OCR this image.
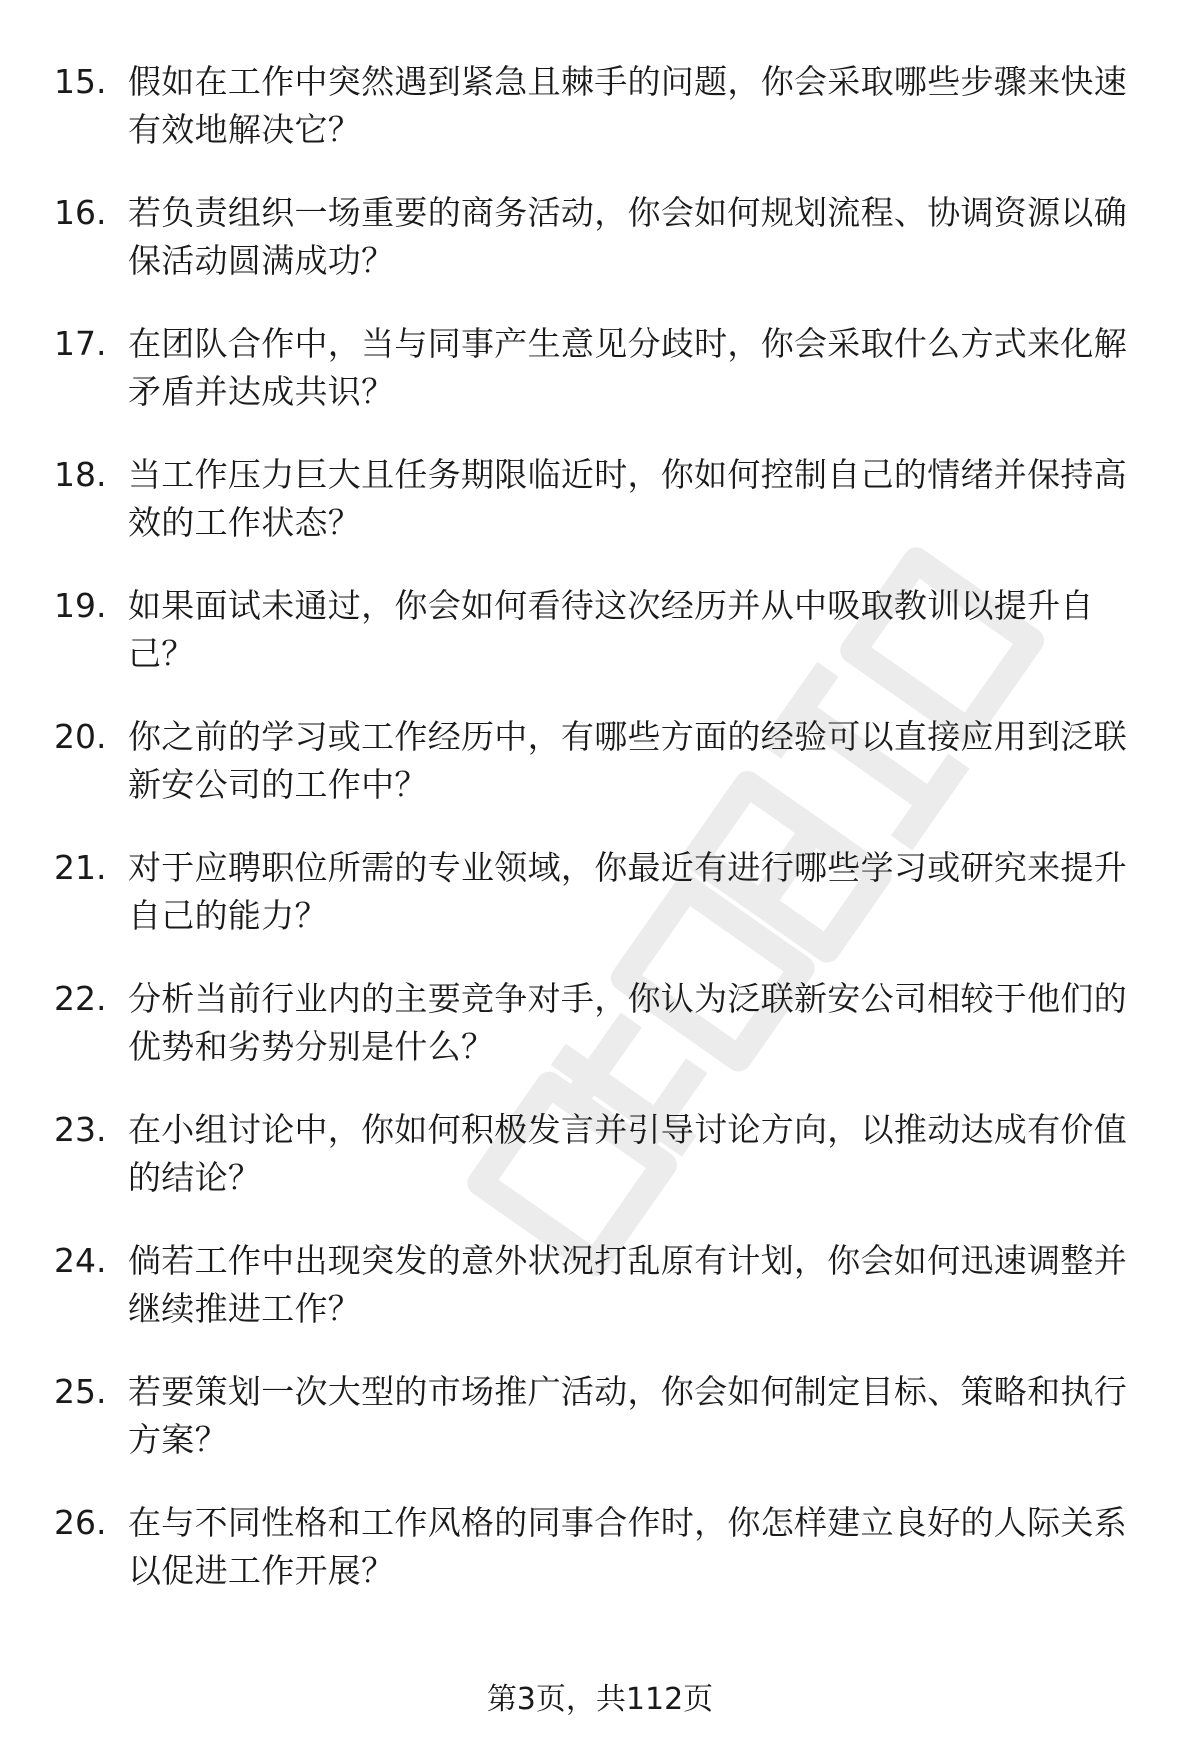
15. 假如在工作中突然遇到紧急且棘手的问题，你会采取哪些步骤来快速有效地解决它？
16. 若负责组织一场重要的商务活动，你会如何规划流程、协调资源以确保活动圆满成功？
17. 在团队合作中，当与同事产生意见分歧时，你会采取什么方式来化解矛盾并达成共识？
18. 当工作压力巨大且任务期限临近时，你如何控制自己的情绪并保持高效的工作状态？
19. 如果面试未通过，你会如何看待这次经历并从中吸取教训以提升自己？
20. 你之前的学习或工作经历中，有哪些方面的经验可以直接应用到泛联新安公司的工作中？
21. 对于应聘职位所需的专业领域，你最近有进行哪些学习或研究来提升自己的能力？
22. 分析当前行业内的主要竞争对手，你认为泛联新安公司相较于他们的优势和劣势分别是什么？
23. 在小组讨论中，你如何积极发言并引导讨论方向，以推动达成有价值的结论？
24. 倘若工作中出现突发的意外状况打乱原有计划，你会如何迅速调整并继续推进工作？
25. 若要策划一次大型的市场推广活动，你会如何制定目标、策略和执行方案？
26. 在与不同性格和工作风格的同事合作时，你怎样建立良好的人际关系以促进工作开展？
第3页，共112页
